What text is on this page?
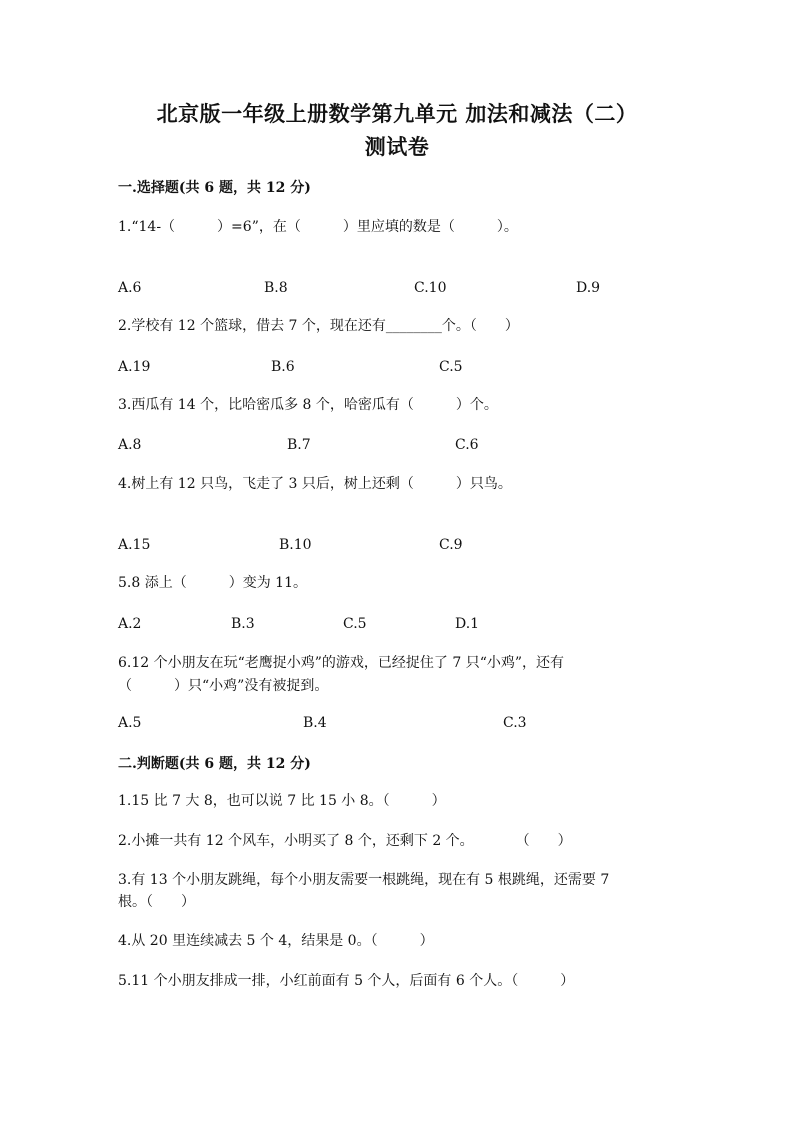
北京版一年级上册数学第九单元 加法和减法（二）
测试卷
一.选择题(共 6 题，共 12 分)
1.“14-（　　　）=6”，在（　　　）里应填的数是（　　　）。
A.6	B.8	C.10	D.9
2.学校有 12 个篮球，借去 7 个，现在还有________个。（　　）
A.19	B.6	C.5
3.西瓜有 14 个，比哈密瓜多 8 个，哈密瓜有（　　　）个。
A.8	B.7	C.6
4.树上有 12 只鸟，飞走了 3 只后，树上还剩（　　　）只鸟。
A.15	B.10	C.9
5.8 添上（　　　）变为 11。
A.2	B.3	C.5	D.1
6.12 个小朋友在玩“老鹰捉小鸡”的游戏，已经捉住了 7 只“小鸡”，还有
（　　　）只“小鸡”没有被捉到。
A.5	B.4	C.3
二.判断题(共 6 题，共 12 分)
1.15 比 7 大 8，也可以说 7 比 15 小 8。（　　　）
2.小摊一共有 12 个风车，小明买了 8 个，还剩下 2 个。　　　　（　　）
3.有 13 个小朋友跳绳，每个小朋友需要一根跳绳，现在有 5 根跳绳，还需要 7
根。（　　）
4.从 20 里连续减去 5 个 4，结果是 0。（　　　）
5.11 个小朋友排成一排，小红前面有 5 个人，后面有 6 个人。（　　　）
